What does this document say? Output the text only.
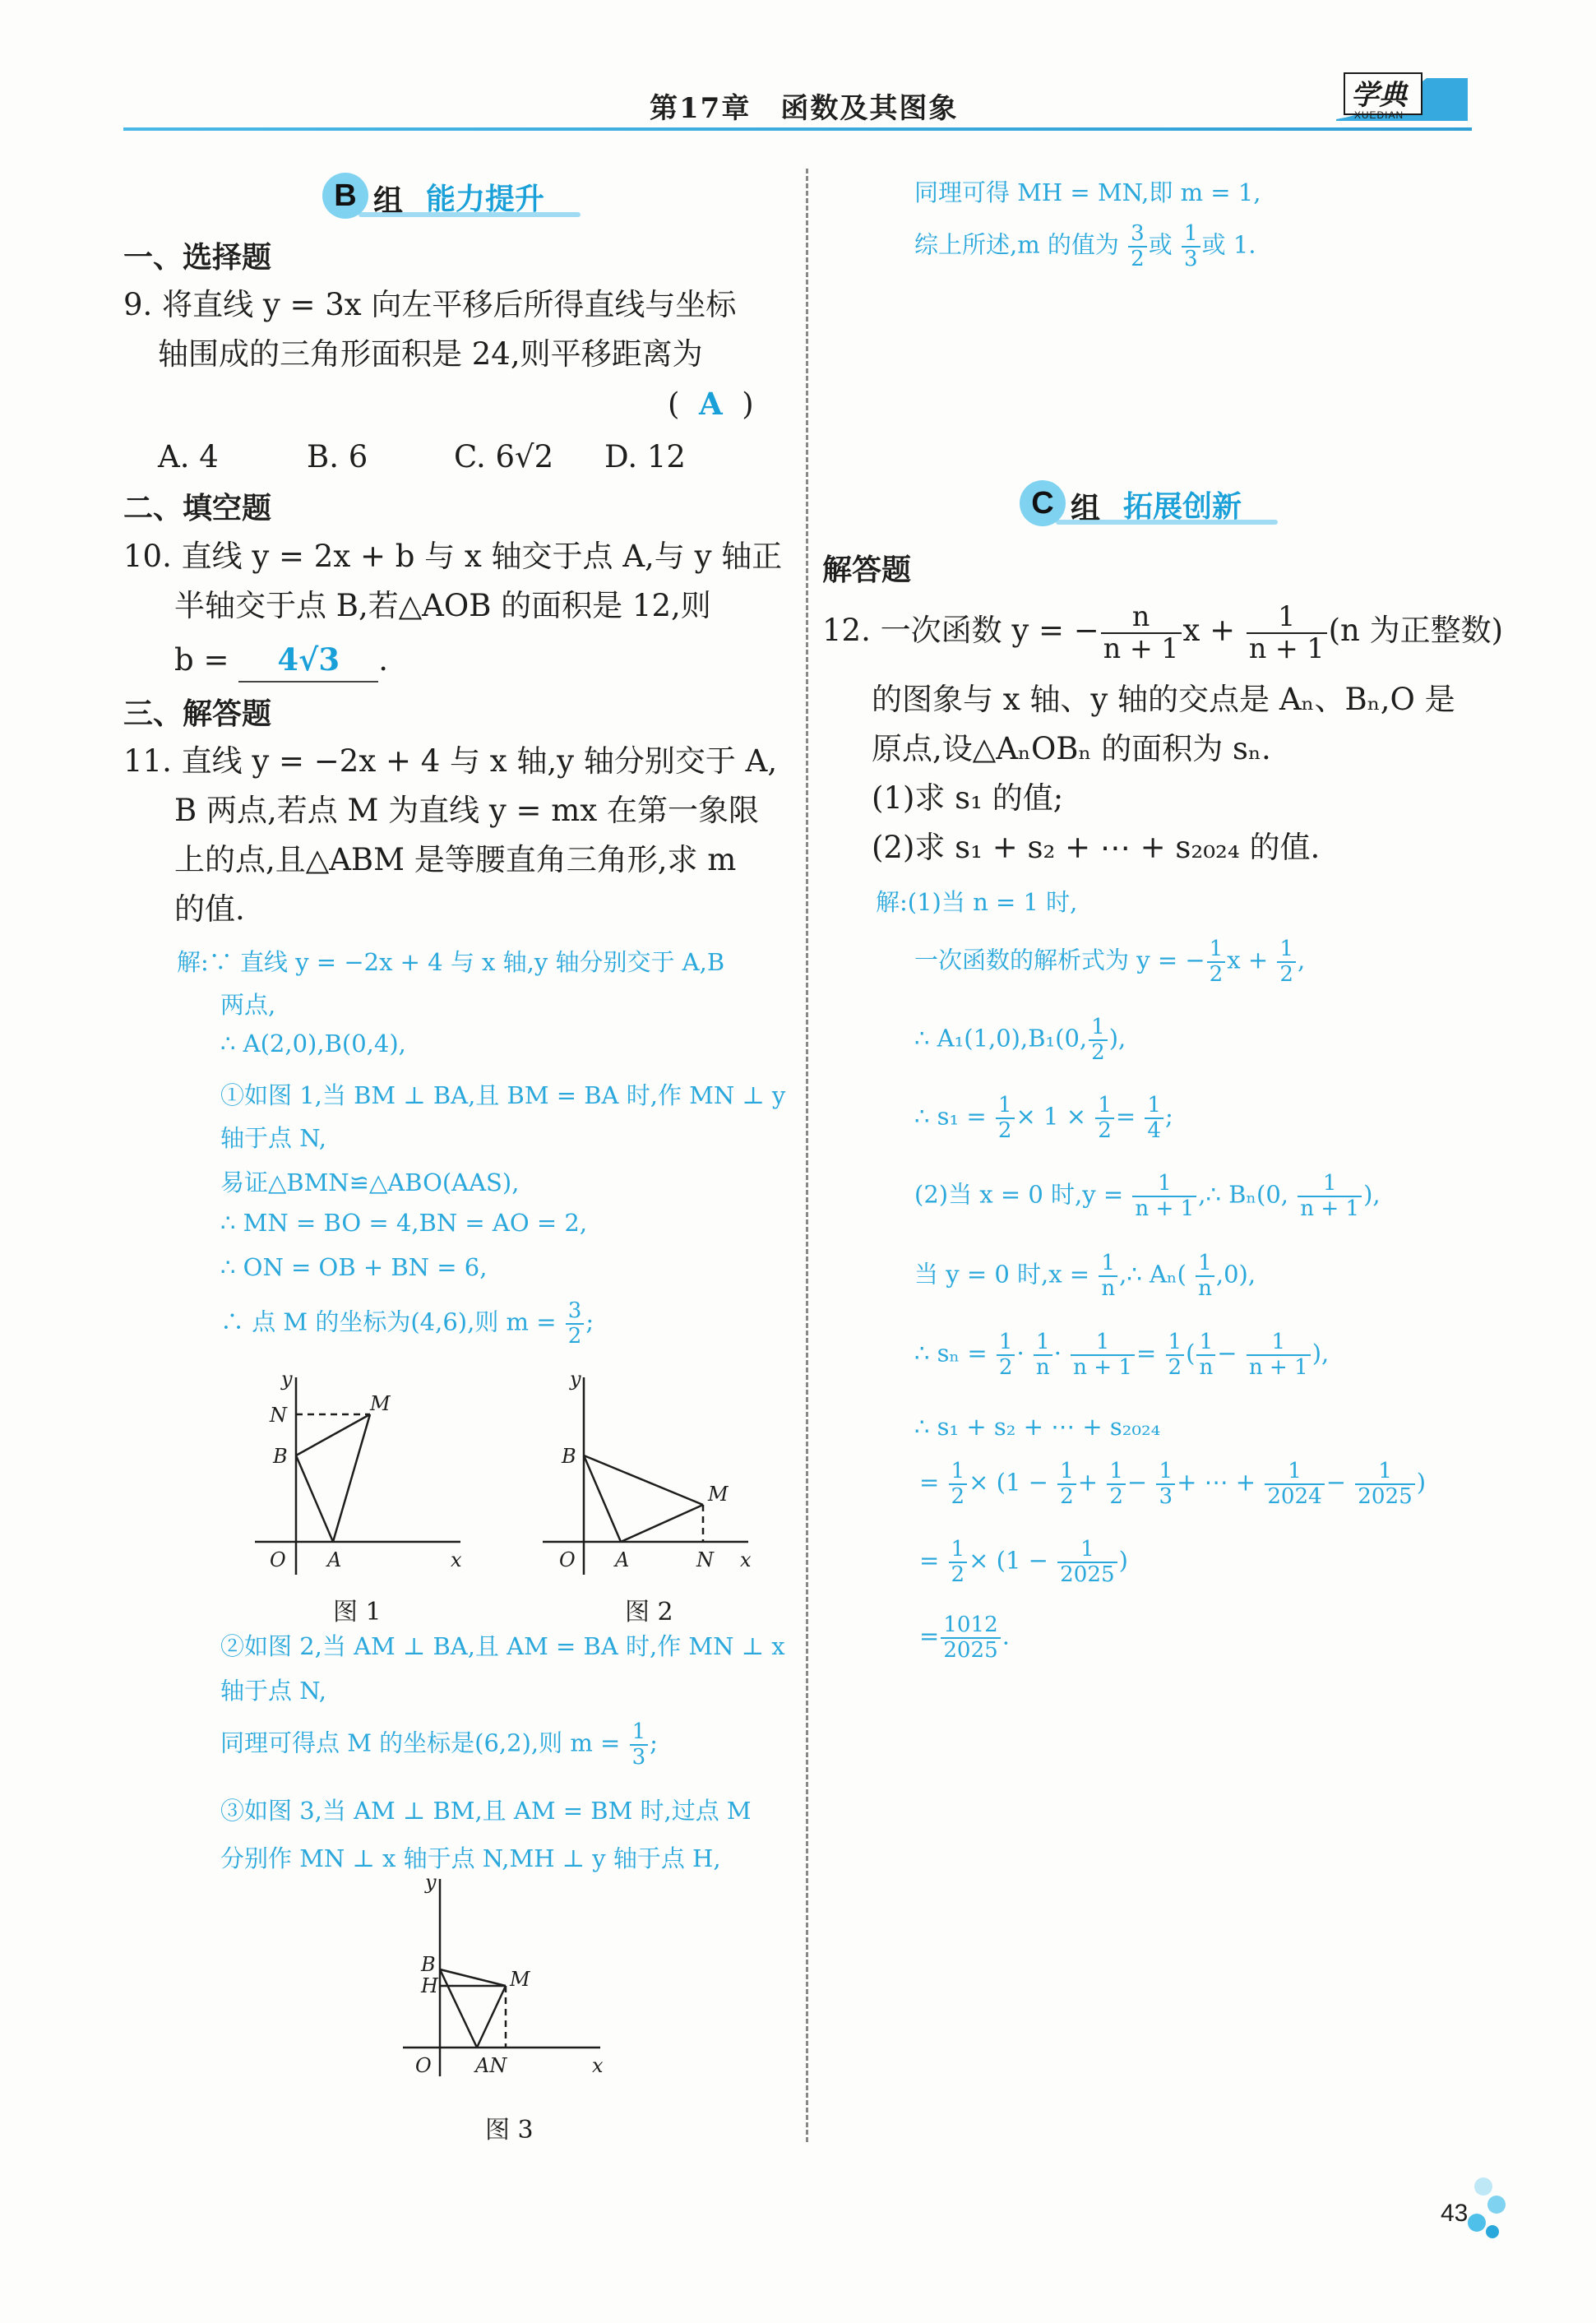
第17章　函数及其图象	学典
XUEDIAN
B 组 能力提升
一、选择题
9. 将直线 y = 3x 向左平移后所得直线与坐标
轴围成的三角形面积是 24,则平移距离为
( A )
A. 4	B. 6	C. 6√2 D. 12
二、填空题
10. 直线 y = 2x + b 与 x 轴交于点 A,与 y 轴正
半轴交于点 B,若△AOB 的面积是 12,则
b = 4√3 .
三、解答题
11. 直线 y = −2x + 4 与 x 轴,y 轴分别交于 A,
B 两点,若点 M 为直线 y = mx 在第一象限
上的点,且△ABM 是等腰直角三角形,求 m
的值.
解:∵ 直线 y = −2x + 4 与 x 轴,y 轴分别交于 A,B
两点,
∴ A(2,0),B(0,4),
①如图 1,当 BM ⊥ BA,且 BM = BA 时,作 MN ⊥ y
轴于点 N,
易证△BMN≌△ABO(AAS),
∴ MN = BO = 4,BN = AO = 2,
∴ ON = OB + BN = 6,
∴ 点 M 的坐标为(4,6),则 $m = \frac{3}{2}$ ;
y
x
O A
B
M
N
图 1
y
x
O A
B
M
N
图 2
②如图 2,当 AM ⊥ BA,且 AM = BA 时,作 MN ⊥ x
轴于点 N,
同理可得点 M 的坐标是(6,2),则 $m = \frac{1}{3}$ ;
③如图 3,当 AM ⊥ BM,且 AM = BM 时,过点 M
分别作 MN ⊥ x 轴于点 N,MH ⊥ y 轴于点 H,
y
x
O AN
B
H	M
图 3
同理可得 MH = MN,即 m = 1,
综上所述,m 的值为 $\frac{3}{2}$ 或 $\frac{1}{3}$ 或 1.
C 组 拓展创新
解答题
12. 一次函数 y = − $\frac{n}{n + 1}$ $x + \frac{1}{n + 1} (n$ 为正整数)
的图象与 x 轴、y 轴的交点是 Aₙ、Bₙ,O 是
原点,设△AₙOBₙ 的面积为 sₙ.
(1)求 s₁ 的值;
(2)求 s₁ + s₂ + ⋯ + s₂₀₂₄ 的值.
解:(1)当 n = 1 时,
一次函数的解析式为 y = − $\frac{1}{2}$ $x + \frac{1}{2}$ ,
∴ A₁(1,0),B₁(0, $\frac{1}{2}$ ),
∴ $s_1 = \frac{1}{2} \times 1 \times \frac{1}{2} = \frac{1}{4}$ ;
(2)当 x = 0 时$,y = \frac{1}{n + 1}$ ,∴ Bₙ(0, $\frac{1}{n + 1}$ ),
当 y = 0 时$,x = \frac{1}{n}$ ,∴ $A_n( \frac{1}{n} ,0)$,
∴ $s_n = \frac{1}{2} \cdot \frac{1}{n} \cdot \frac{1}{n + 1} = \frac{1}{2}$ ( $\frac{1}{n} - \frac{1}{n + 1}$ ),
∴ s₁ + s₂ + ⋯ + s₂₀₂₄
= $\frac{1}{2} \times (1 - \frac{1}{2} + \frac{1}{2} - \frac{1}{3}$ + ⋯ + $\frac{1}{2024} - \frac{1}{2025}$ )
= $\frac{1}{2} \times (1 - \frac{1}{2025}$ )
= $\frac{1012}{2025}$ .
43
